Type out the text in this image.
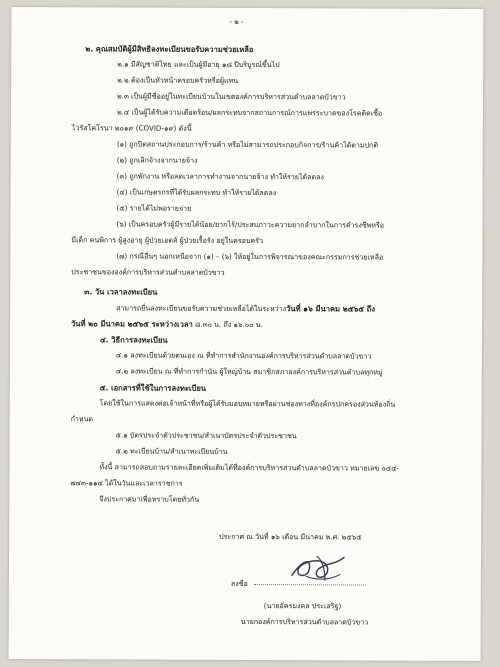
- ๒ -
๒. คุณสมบัติผู้มีสิทธิลงทะเบียนขอรับความช่วยเหลือ
๒.๑ มีสัญชาติไทย และเป็นผู้มีอายุ ๑๘ ปีบริบูรณ์ขึ้นไป
๒.๒ ต้องเป็นหัวหน้าครอบครัวหรือผู้แทน
๒.๓ เป็นผู้มีชื่ออยู่ในทะเบียนบ้านในเขตองค์การบริหารส่วนตำบลลาดบัวขาว
๒.๔ เป็นผู้ได้รับความเดือดร้อน/ผลกระทบจากสถานการณ์การแพร่ระบาดของโรคติดเชื้อ
ไวรัสโคโรนา ๒๐๑๙ (COVID-๑๙) ดังนี้
(๑) ถูกปิดสถานประกอบการ/ร้านค้า หรือไม่สามารถประกอบกิจการ/ร้านค้าได้ตามปกติ
(๒) ถูกเลิกจ้างจากนายจ้าง
(๓) ถูกพักงาน หรือลดเวลาการทำงานจากนายจ้าง ทำให้รายได้ลดลง
(๔) เป็นเกษตรกรที่ได้รับผลกระทบ ทำให้รายได้ลดลง
(๕) รายได้ไม่พอรายจ่าย
(๖) เป็นครอบครัวผู้มีรายได้น้อย/ยากไร้/ประสบภาวะความยากลำบากในการดำรงชีพหรือ
มีเด็ก คนพิการ ผู้สูงอายุ ผู้ป่วยเอดส์ ผู้ป่วยเรื้อรัง อยู่ในครอบครัว
(๗) กรณีอื่นๆ นอกเหนือจาก (๑) – (๖) ให้อยู่ในการพิจารณาของคณะกรรมการช่วยเหลือ
ประชาชนขององค์การบริหารส่วนตำบลลาดบัวขาว
๓. วัน เวลาลงทะเบียน
สามารถยื่นลงทะเบียนขอรับความช่วยเหลือได้ในระหว่างวันที่ ๑๖ มีนาคม ๒๕๖๕ ถึง
วันที่ ๒๐ มีนาคม ๒๕๖๕ ระหว่างเวลา ๘.๓๐ น. ถึง ๑๖.๐๐ น.
๔. วิธีการลงทะเบียน
๔.๑ ลงทะเบียนด้วยตนเอง ณ ที่ทำการสำนักงานองค์การบริหารส่วนตำบลลาดบัวขาว
๔.๒ ลงทะเบียน ณ ที่ทำการกำนัน ผู้ใหญ่บ้าน สมาชิกสภาองค์การบริหารส่วนตำบลทุกหมู่
๕. เอกสารที่ใช้ในการลงทะเบียน
โดยใช้ในการแสดงต่อเจ้าหน้าที่หรือผู้ได้รับมอบหมายหรือผ่านช่องทางที่องค์กรปกครองส่วนท้องถิ่น
กำหนด
๕.๑ บัตรประจำตัวประชาชน/สำเนาบัตรประจำตัวประชาชน
๕.๒ ทะเบียนบ้าน/สำเนาทะเบียนบ้าน
ทั้งนี้ สามารถสอบถามรายละเอียดเพิ่มเติมได้ที่องค์การบริหารส่วนตำบลลาดบัวขาว หมายเลข ๐๔๔-
๗๔๓-๑๑๔ ได้ในวันและเวลาราชการ
จึงประกาศมาเพื่อทราบโดยทั่วกัน
ประกาศ ณ วันที่ ๑๖ เดือน มีนาคม พ.ศ. ๒๕๖๕
ลงชื่อ
(นายอัครมงคล ประเสริฐ)
นายกองค์การบริหารส่วนตำบลลาดบัวขาว
